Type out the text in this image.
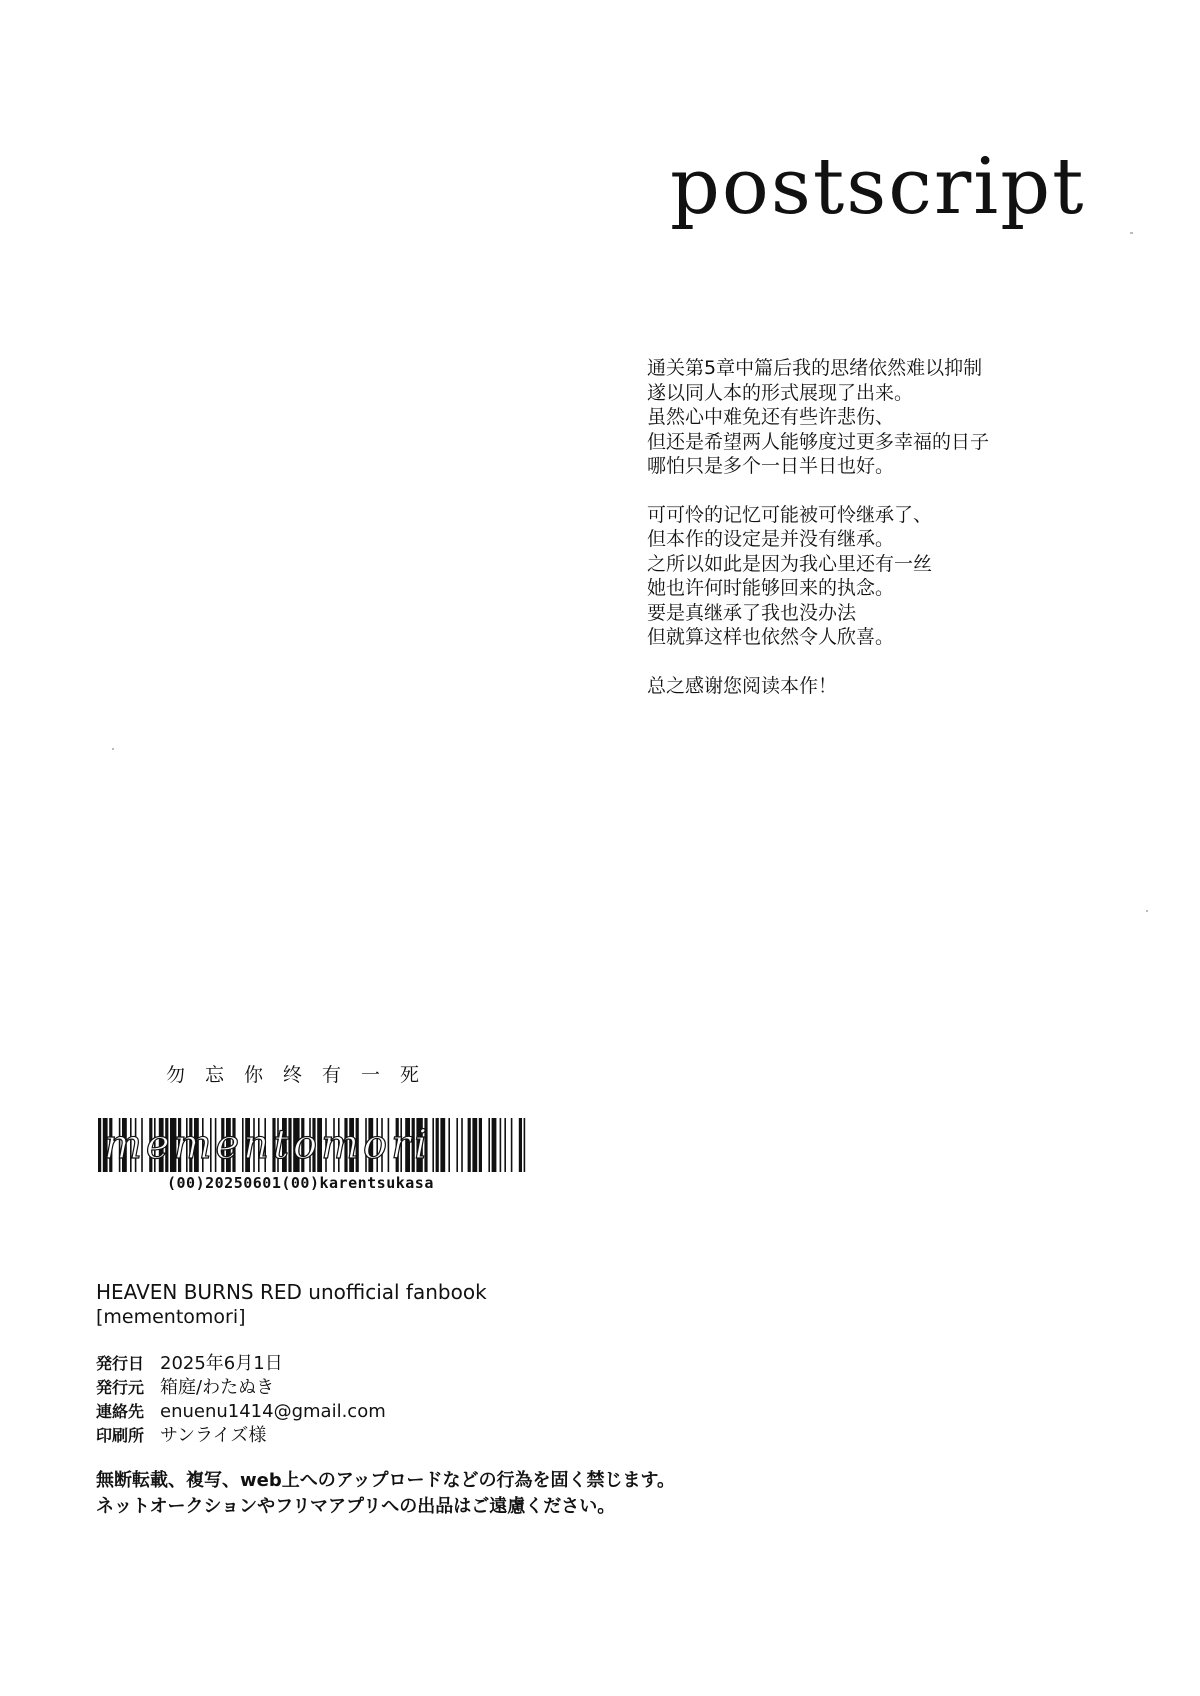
postscript
通关第5章中篇后我的思绪依然难以抑制
遂以同人本的形式展现了出来。
虽然心中难免还有些许悲伤、
但还是希望两人能够度过更多幸福的日子
哪怕只是多个一日半日也好。
可可怜的记忆可能被可怜继承了、
但本作的设定是并没有继承。
之所以如此是因为我心里还有一丝
她也许何时能够回来的执念。
要是真继承了我也没办法
但就算这样也依然令人欣喜。
总之感谢您阅读本作！
勿忘你终有一死
mementomori
(00)20250601(00)karentsukasa
HEAVEN BURNS RED unofficial fanbook
[mementomori]
発行日 2025年6月1日
発行元 箱庭/わたぬき
連絡先 enuenu1414@gmail.com
印刷所 サンライズ様
無断転載、複写、web上へのアップロードなどの行為を固く禁じます。
ネットオークションやフリマアプリへの出品はご遠慮ください。
